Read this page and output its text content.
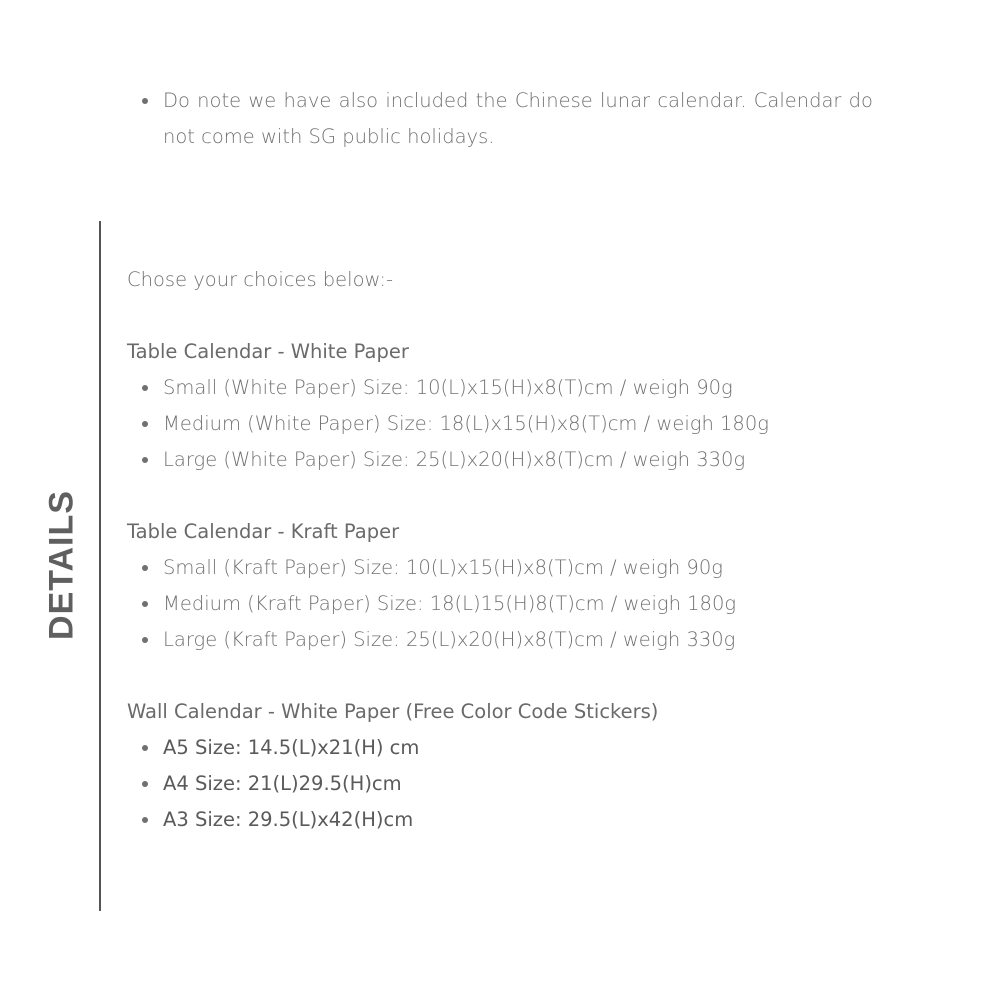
Do note we have also included the Chinese lunar calendar. Calendar do not come with SG public holidays.
DETAILS

Chose your choices below:-

Table Calendar - White Paper

Small (White Paper) Size: 10(L)x15(H)x8(T)cm / weigh 90g
Medium (White Paper) Size: 18(L)x15(H)x8(T)cm / weigh 180g
Large (White Paper) Size: 25(L)x20(H)x8(T)cm / weigh 330g

Table Calendar - Kraft Paper

Small (Kraft Paper) Size: 10(L)x15(H)x8(T)cm / weigh 90g
Medium (Kraft Paper) Size: 18(L)15(H)8(T)cm / weigh 180g
Large (Kraft Paper) Size: 25(L)x20(H)x8(T)cm / weigh 330g

Wall Calendar - White Paper (Free Color Code Stickers)

A5 Size: 14.5(L)x21(H) cm
A4 Size: 21(L)29.5(H)cm
A3 Size: 29.5(L)x42(H)cm
